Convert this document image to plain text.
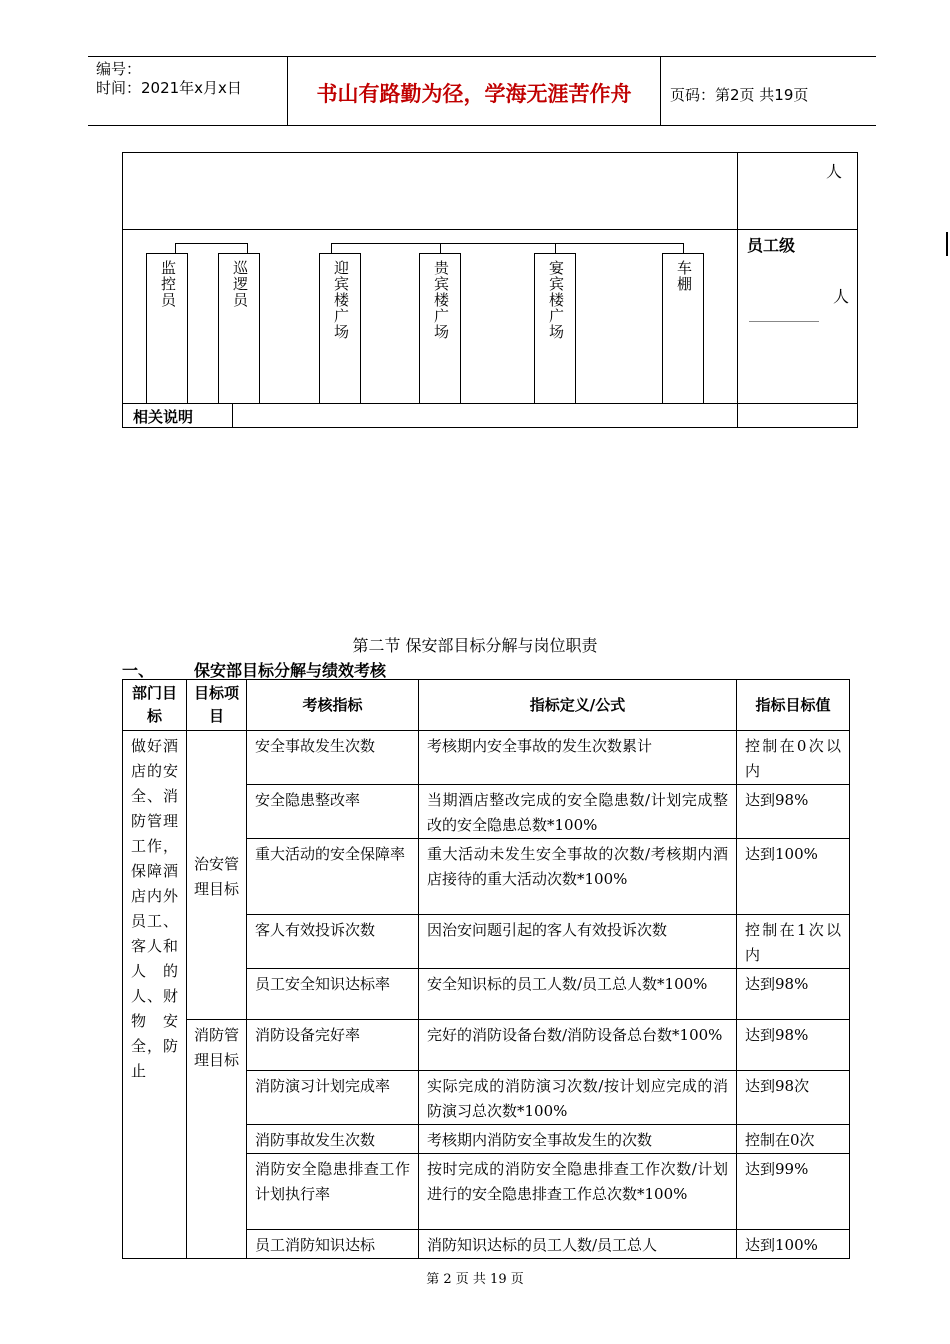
编号：
时间：2021年x月x日	书山有路勤为径，学海无涯苦作舟	页码：第2页 共19页
人
员工级
人
相关说明
监控员	巡逻员	迎宾楼广场	贵宾楼广场	宴宾楼广场	车棚
第二节 保安部目标分解与岗位职责
一、	保安部目标分解与绩效考核
部门目标	目标项目	考核指标	指标定义/公式	指标目标值
做好酒店的安全、消防管理工作，保障酒店内外员工、客人和人的人、财物安全，防止	治安管理目标	安全事故发生次数	考核期内安全事故的发生次数累计	控制在0次以内
		安全隐患整改率	当期酒店整改完成的安全隐患数/计划完成整改的安全隐患总数*100%	达到98%
		重大活动的安全保障率	重大活动未发生安全事故的次数/考核期内酒店接待的重大活动次数*100%	达到100%
		客人有效投诉次数	因治安问题引起的客人有效投诉次数	控制在1次以内
		员工安全知识达标率	安全知识标的员工人数/员工总人数*100%	达到98%
	消防管理目标	消防设备完好率	完好的消防设备台数/消防设备总台数*100%	达到98%
		消防演习计划完成率	实际完成的消防演习次数/按计划应完成的消防演习总次数*100%	达到98次
		消防事故发生次数	考核期内消防安全事故发生的次数	控制在0次
		消防安全隐患排查工作计划执行率	按时完成的消防安全隐患排查工作次数/计划进行的安全隐患排查工作总次数*100%	达到99%
		员工消防知识达标	消防知识达标的员工人数/员工总人	达到100%
第 2 页 共 19 页
